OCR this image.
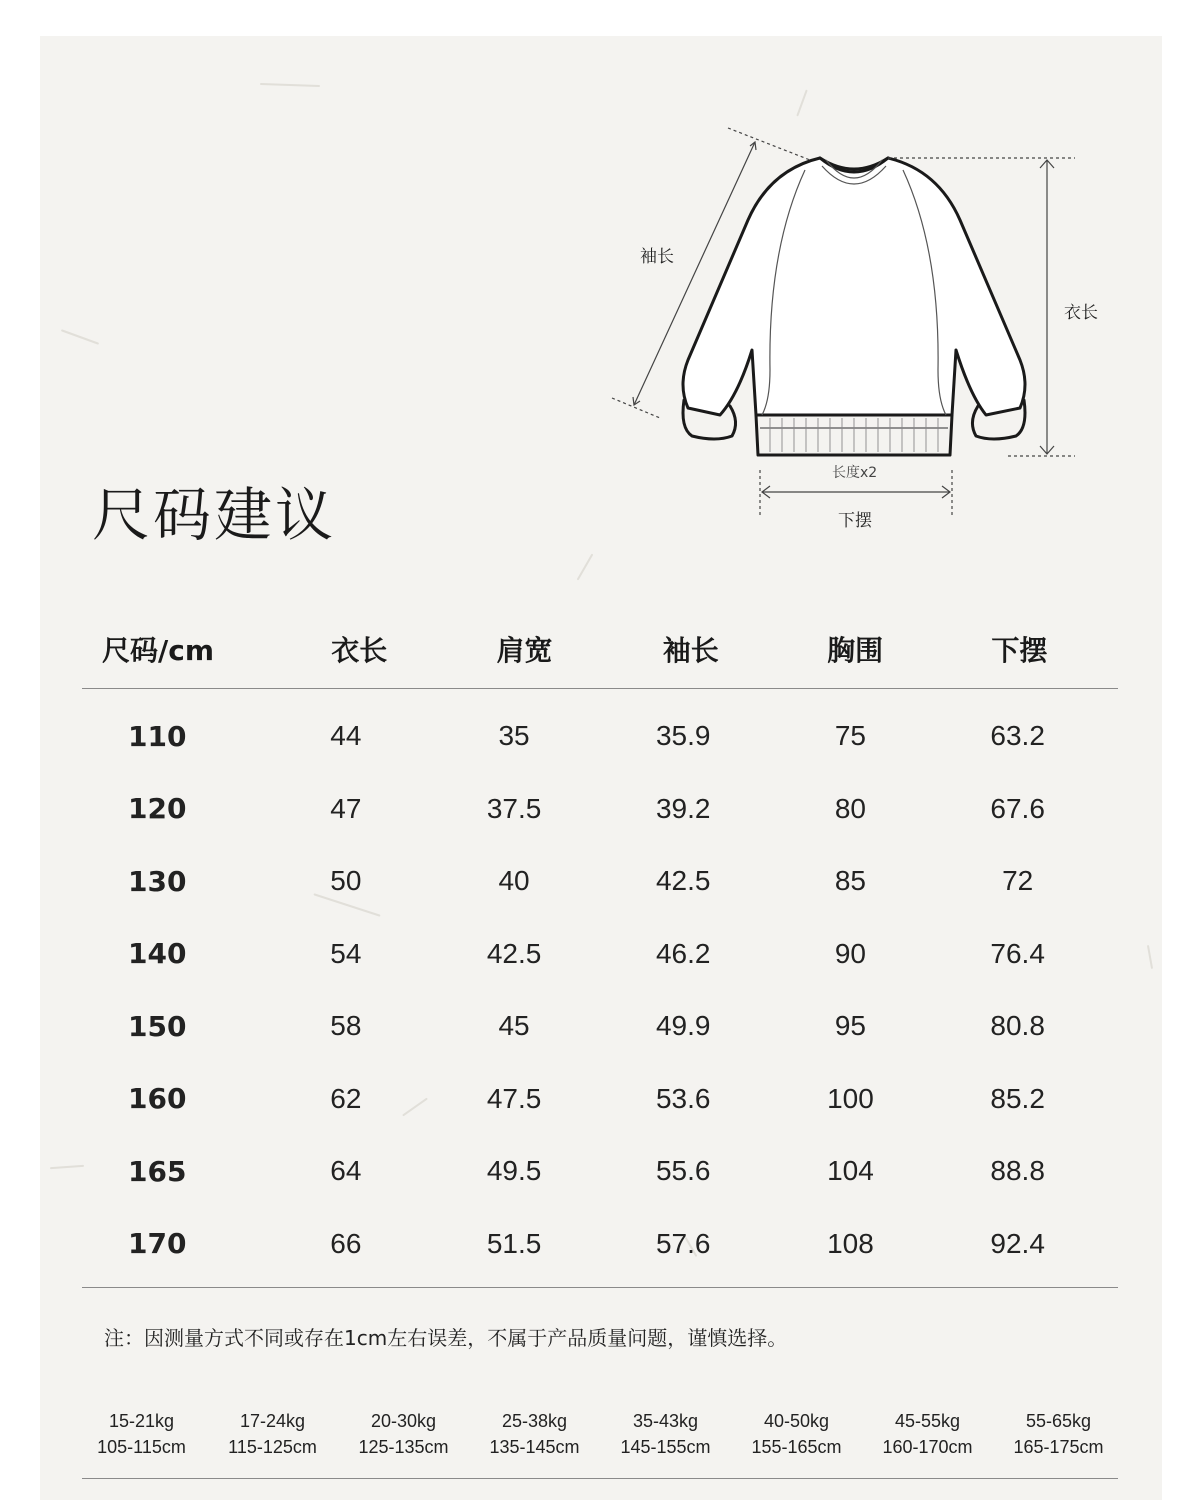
袖长
衣长
长度x2
下摆
尺码建议
尺码/cm	衣长	肩宽	袖长	胸围	下摆
110	44	35	35.9	75	63.2
120	47	37.5	39.2	80	67.6
130	50	40	42.5	85	72
140	54	42.5	46.2	90	76.4
150	58	45	49.9	95	80.8
160	62	47.5	53.6	100	85.2
165	64	49.5	55.6	104	88.8
170	66	51.5	57.6	108	92.4
注：因测量方式不同或存在1cm左右误差，不属于产品质量问题，谨慎选择。
15-21kg
105-115cm
17-24kg
115-125cm
20-30kg
125-135cm
25-38kg
135-145cm
35-43kg
145-155cm
40-50kg
155-165cm
45-55kg
160-170cm
55-65kg
165-175cm
